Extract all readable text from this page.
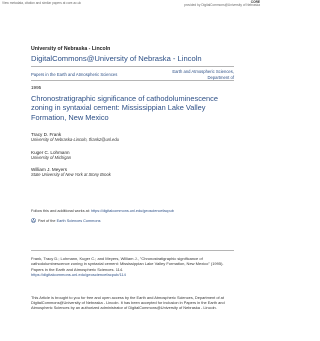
View metadata, citation and similar papers at core.ac.uk	CORE
provided by DigitalCommons@University of Nebraska
University of Nebraska - Lincoln
DigitalCommons@University of Nebraska - Lincoln
Papers in the Earth and Atmospheric Sciences
Earth and Atmospheric Sciences, Department of
1995
Chronostratigraphic significance of cathodoluminescence zoning in syntaxial cement: Mississippian Lake Valley Formation, New Mexico
Tracy D. Frank
University of Nebraska-Lincoln, tfrank2@unl.edu
Kuger C. Lohmann
University of Michigan
William J. Meyers
State University of New York at Stony Brook
Follow this and additional works at: https://digitalcommons.unl.edu/geosciencefacpub
Part of the Earth Sciences Commons
Frank, Tracy D.; Lohmann, Kuger C.; and Meyers, William J., "Chronostratigraphic significance of cathodoluminescence zoning in syntaxial cement: Mississippian Lake Valley Formation, New Mexico" (1995). Papers in the Earth and Atmospheric Sciences. 114.
https://digitalcommons.unl.edu/geosciencefacpub/114
This Article is brought to you for free and open access by the Earth and Atmospheric Sciences, Department of at DigitalCommons@University of Nebraska - Lincoln. It has been accepted for inclusion in Papers in the Earth and Atmospheric Sciences by an authorized administrator of DigitalCommons@University of Nebraska - Lincoln.
